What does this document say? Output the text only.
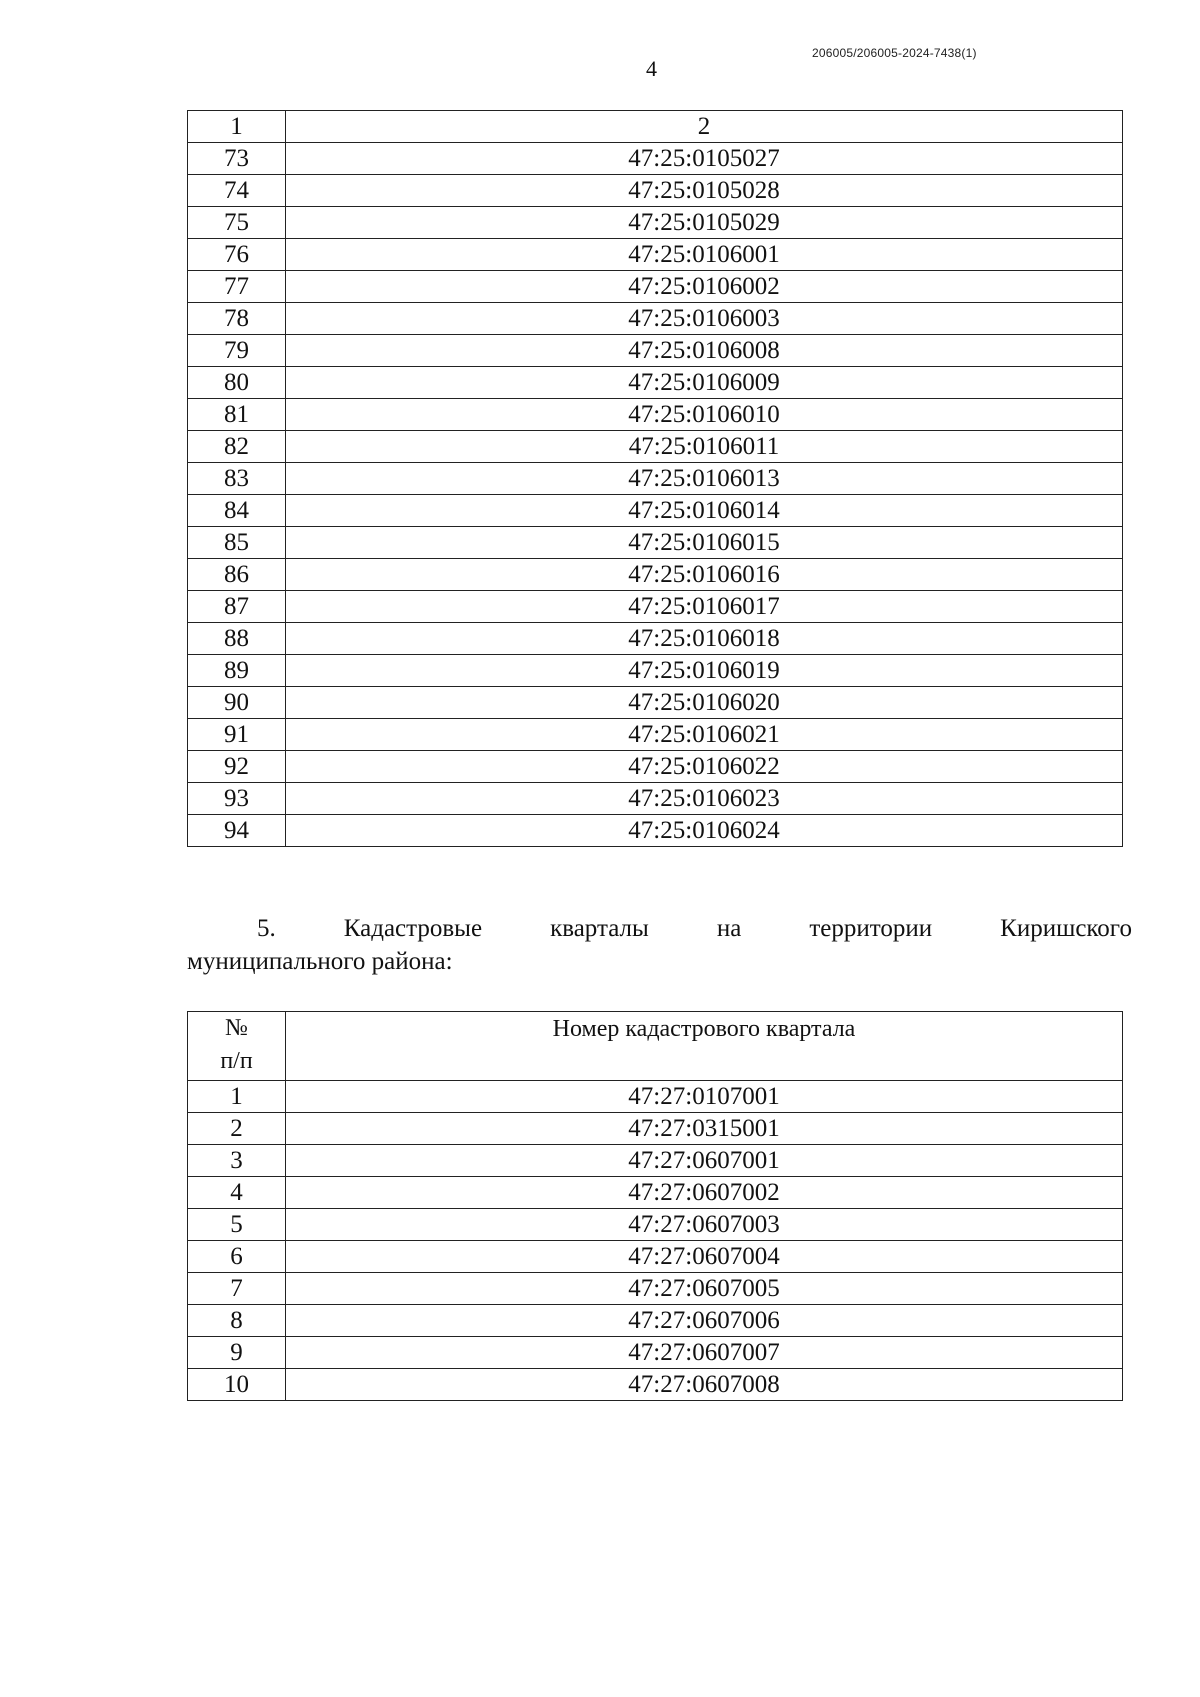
206005/206005-2024-7438(1)
4
1	2
73	47:25:0105027
74	47:25:0105028
75	47:25:0105029
76	47:25:0106001
77	47:25:0106002
78	47:25:0106003
79	47:25:0106008
80	47:25:0106009
81	47:25:0106010
82	47:25:0106011
83	47:25:0106013
84	47:25:0106014
85	47:25:0106015
86	47:25:0106016
87	47:25:0106017
88	47:25:0106018
89	47:25:0106019
90	47:25:0106020
91	47:25:0106021
92	47:25:0106022
93	47:25:0106023
94	47:25:0106024
5.	Кадастровые	кварталы	на	территории	Киришского
муниципального района:
№
п/п	Номер кадастрового квартала
1	47:27:0107001
2	47:27:0315001
3	47:27:0607001
4	47:27:0607002
5	47:27:0607003
6	47:27:0607004
7	47:27:0607005
8	47:27:0607006
9	47:27:0607007
10	47:27:0607008
